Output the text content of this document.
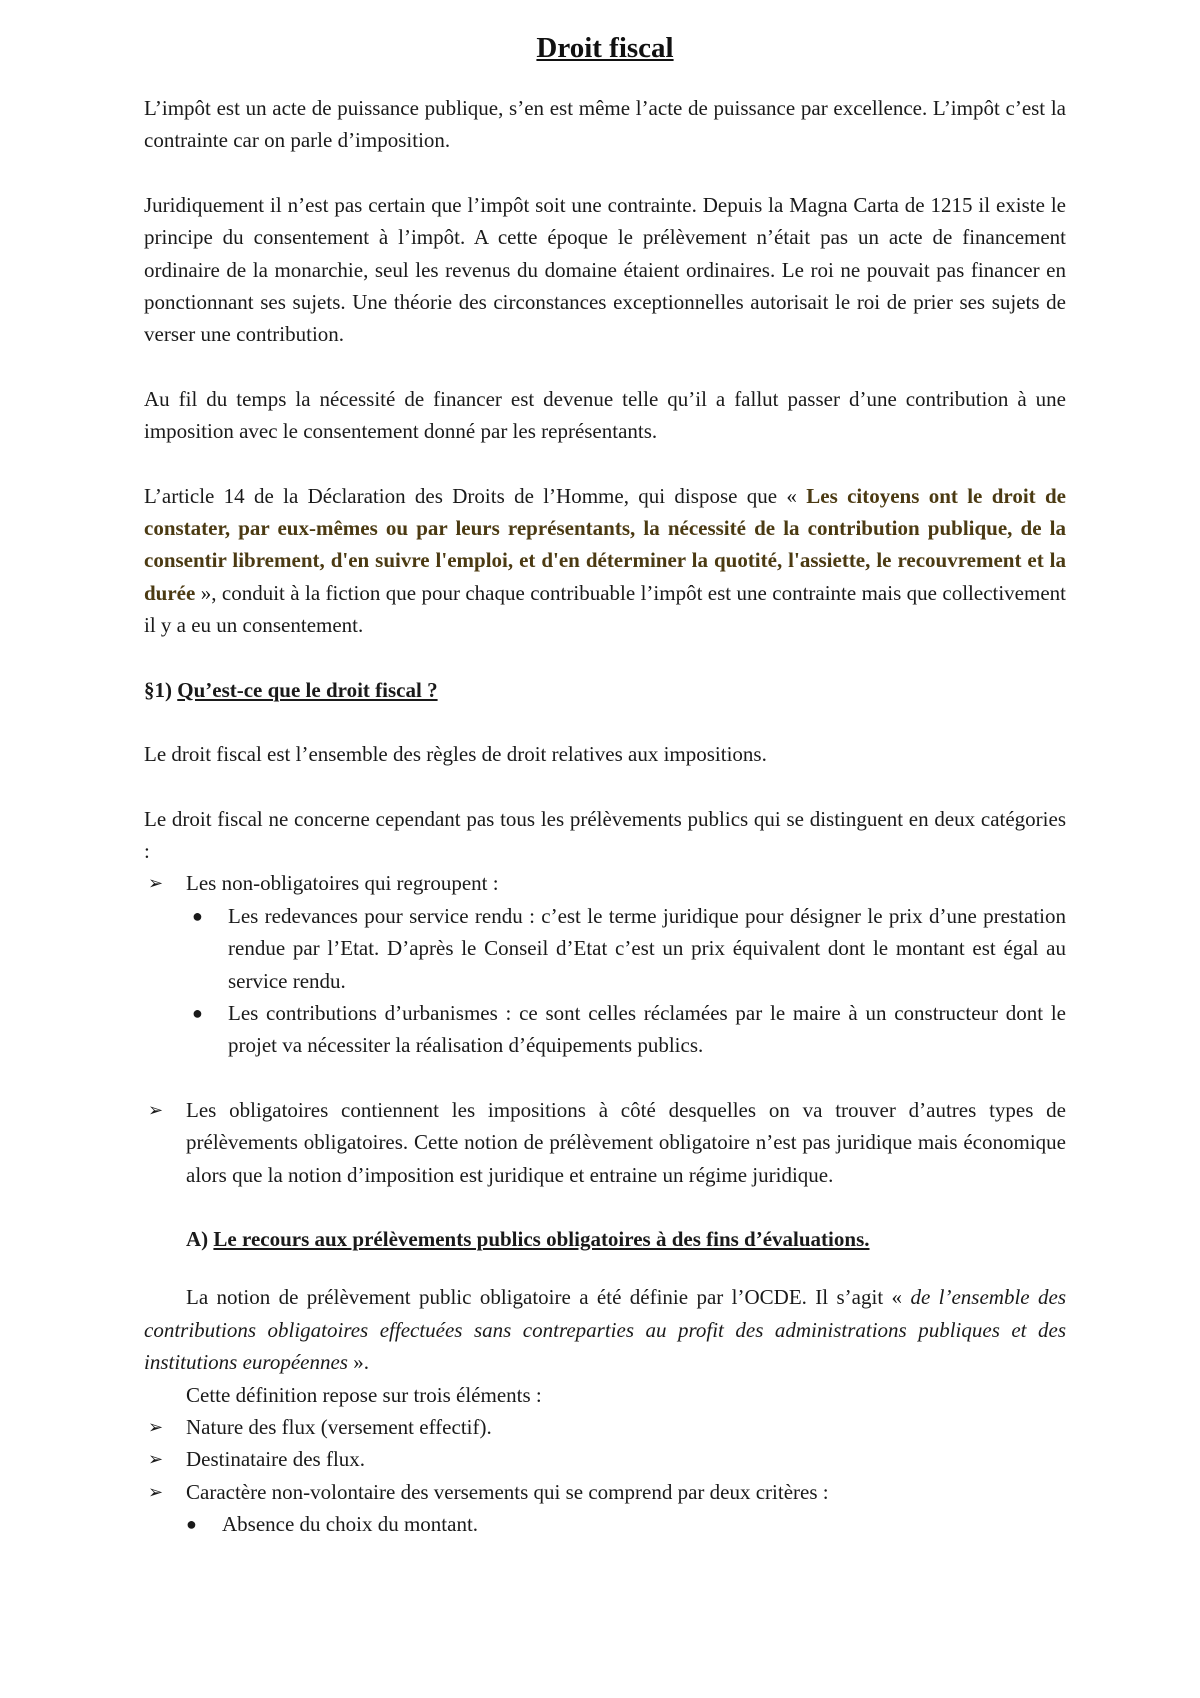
Droit fiscal

L’impôt est un acte de puissance publique, s’en est même l’acte de puissance par excellence. L’impôt c’est la contrainte car on parle d’imposition.

Juridiquement il n’est pas certain que l’impôt soit une contrainte. Depuis la Magna Carta de 1215 il existe le principe du consentement à l’impôt. A cette époque le prélèvement n’était pas un acte de financement ordinaire de la monarchie, seul les revenus du domaine étaient ordinaires. Le roi ne pouvait pas financer en ponctionnant ses sujets. Une théorie des circonstances exceptionnelles autorisait le roi de prier ses sujets de verser une contribution.

Au fil du temps la nécessité de financer est devenue telle qu’il a fallut passer d’une contribution à une imposition avec le consentement donné par les représentants.

L’article 14 de la Déclaration des Droits de l’Homme, qui dispose que « Les citoyens ont le droit de constater, par eux-mêmes ou par leurs représentants, la nécessité de la contribution publique, de la consentir librement, d'en suivre l'emploi, et d'en déterminer la quotité, l'assiette, le recouvrement et la durée », conduit à la fiction que pour chaque contribuable l’impôt est une contrainte mais que collectivement il y a eu un consentement.

§1) Qu’est-ce que le droit fiscal ?

Le droit fiscal est l’ensemble des règles de droit relatives aux impositions.

Le droit fiscal ne concerne cependant pas tous les prélèvements publics qui se distinguent en deux catégories :

➢ Les non-obligatoires qui regroupent :
● Les redevances pour service rendu : c’est le terme juridique pour désigner le prix d’une prestation rendue par l’Etat. D’après le Conseil d’Etat c’est un prix équivalent dont le montant est égal au service rendu.
● Les contributions d’urbanismes : ce sont celles réclamées par le maire à un constructeur dont le projet va nécessiter la réalisation d’équipements publics.
➢ Les obligatoires contiennent les impositions à côté desquelles on va trouver d’autres types de prélèvements obligatoires. Cette notion de prélèvement obligatoire n’est pas juridique mais économique alors que la notion d’imposition est juridique et entraine un régime juridique.
A) Le recours aux prélèvements publics obligatoires à des fins d’évaluations.

La notion de prélèvement public obligatoire a été définie par l’OCDE. Il s’agit « de l’ensemble des contributions obligatoires effectuées sans contreparties au profit des administrations publiques et des institutions européennes ».

Cette définition repose sur trois éléments :

➢ Nature des flux (versement effectif).
➢ Destinataire des flux.
➢ Caractère non-volontaire des versements qui se comprend par deux critères :
● Absence du choix du montant.
